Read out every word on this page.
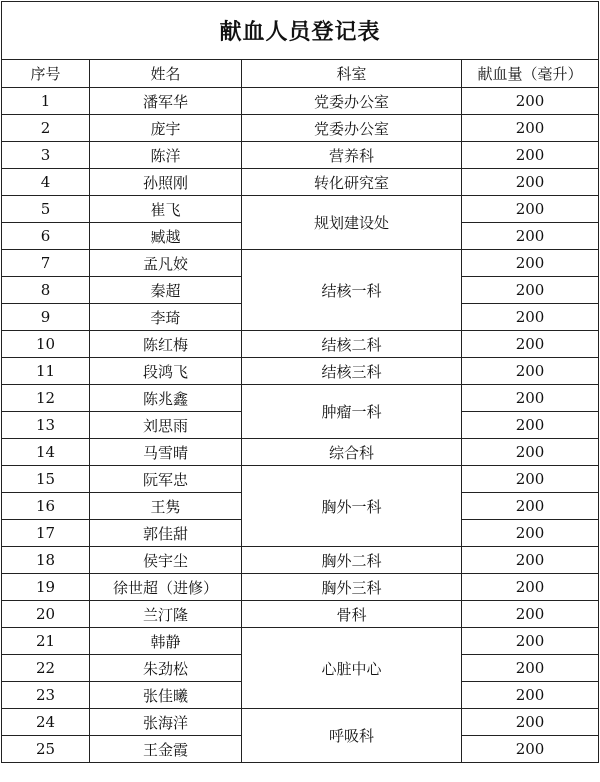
献血人员登记表			
序号	姓名	科室	献血量（毫升）
1	潘军华	党委办公室	200
2	庞宇	党委办公室	200
3	陈洋	营养科	200
4	孙照刚	转化研究室	200
5	崔飞	规划建设处	200
6	臧越		200
7	孟凡姣	结核一科	200
8	秦超		200
9	李琦		200
10	陈红梅	结核二科	200
11	段鸿飞	结核三科	200
12	陈兆鑫	肿瘤一科	200
13	刘思雨		200
14	马雪晴	综合科	200
15	阮军忠	胸外一科	200
16	王隽		200
17	郭佳甜		200
18	侯宇尘	胸外二科	200
19	徐世超（进修）	胸外三科	200
20	兰汀隆	骨科	200
21	韩静	心脏中心	200
22	朱劲松		200
23	张佳曦		200
24	张海洋	呼吸科	200
25	王金霞		200
